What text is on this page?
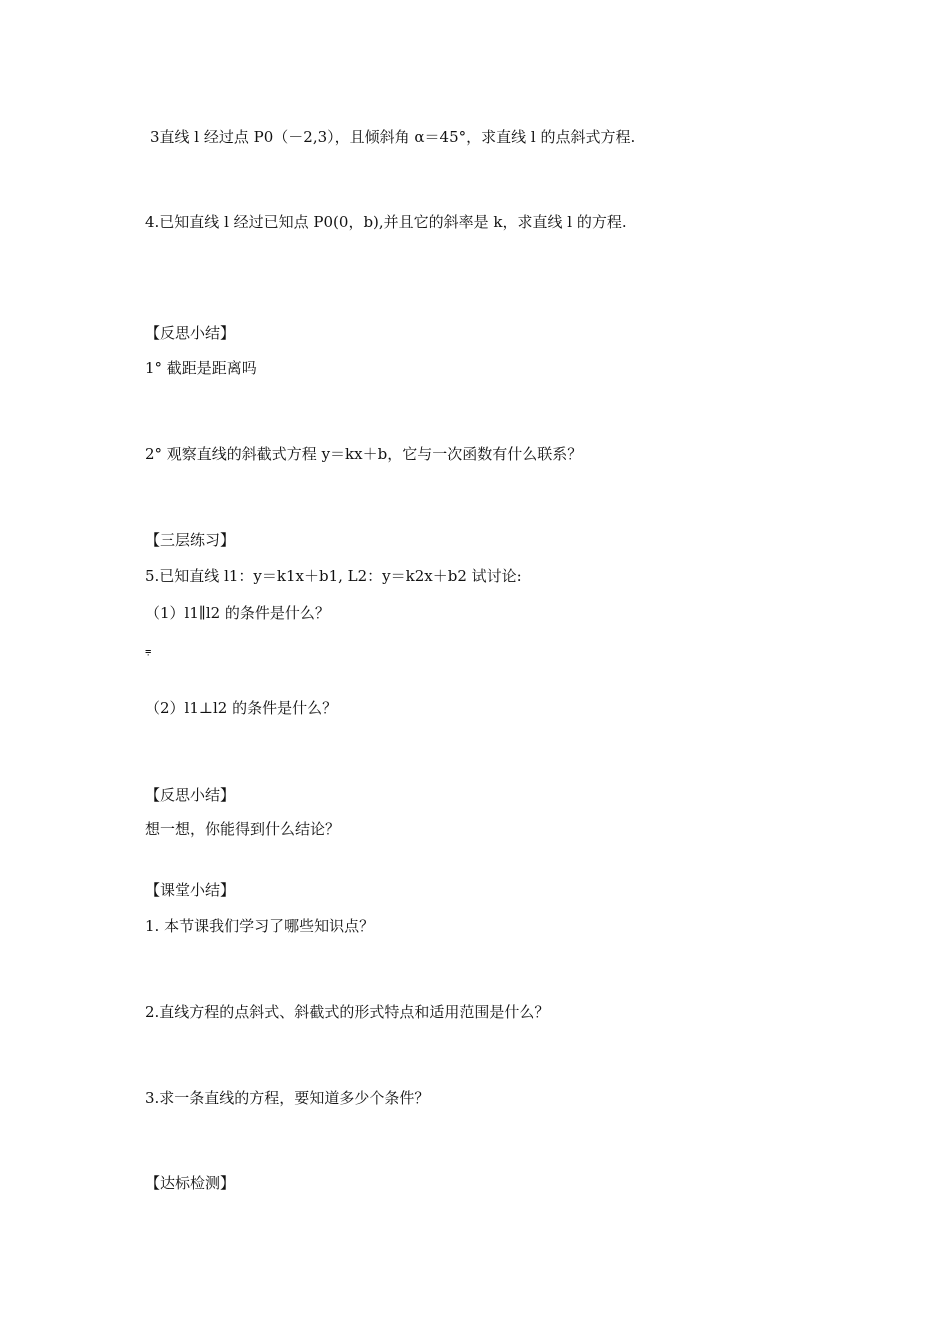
3直线 l 经过点 P0（－2,3），且倾斜角 α＝45°，求直线 l 的点斜式方程.
4.已知直线 l 经过已知点 P0(0，b),并且它的斜率是 k，求直线 l 的方程.
【反思小结】
1° 截距是距离吗
2° 观察直线的斜截式方程 y＝kx＋b，它与一次函数有什么联系？
【三层练习】
5.已知直线 l1：y＝k1x＋b1, L2：y＝k2x＋b2 试讨论:
（1）l1∥l2 的条件是什么？
⩦
（2）l1⊥l2 的条件是什么？
【反思小结】
想一想，你能得到什么结论？
【课堂小结】
1. 本节课我们学习了哪些知识点？
2.直线方程的点斜式、斜截式的形式特点和适用范围是什么？
3.求一条直线的方程，要知道多少个条件？
【达标检测】
